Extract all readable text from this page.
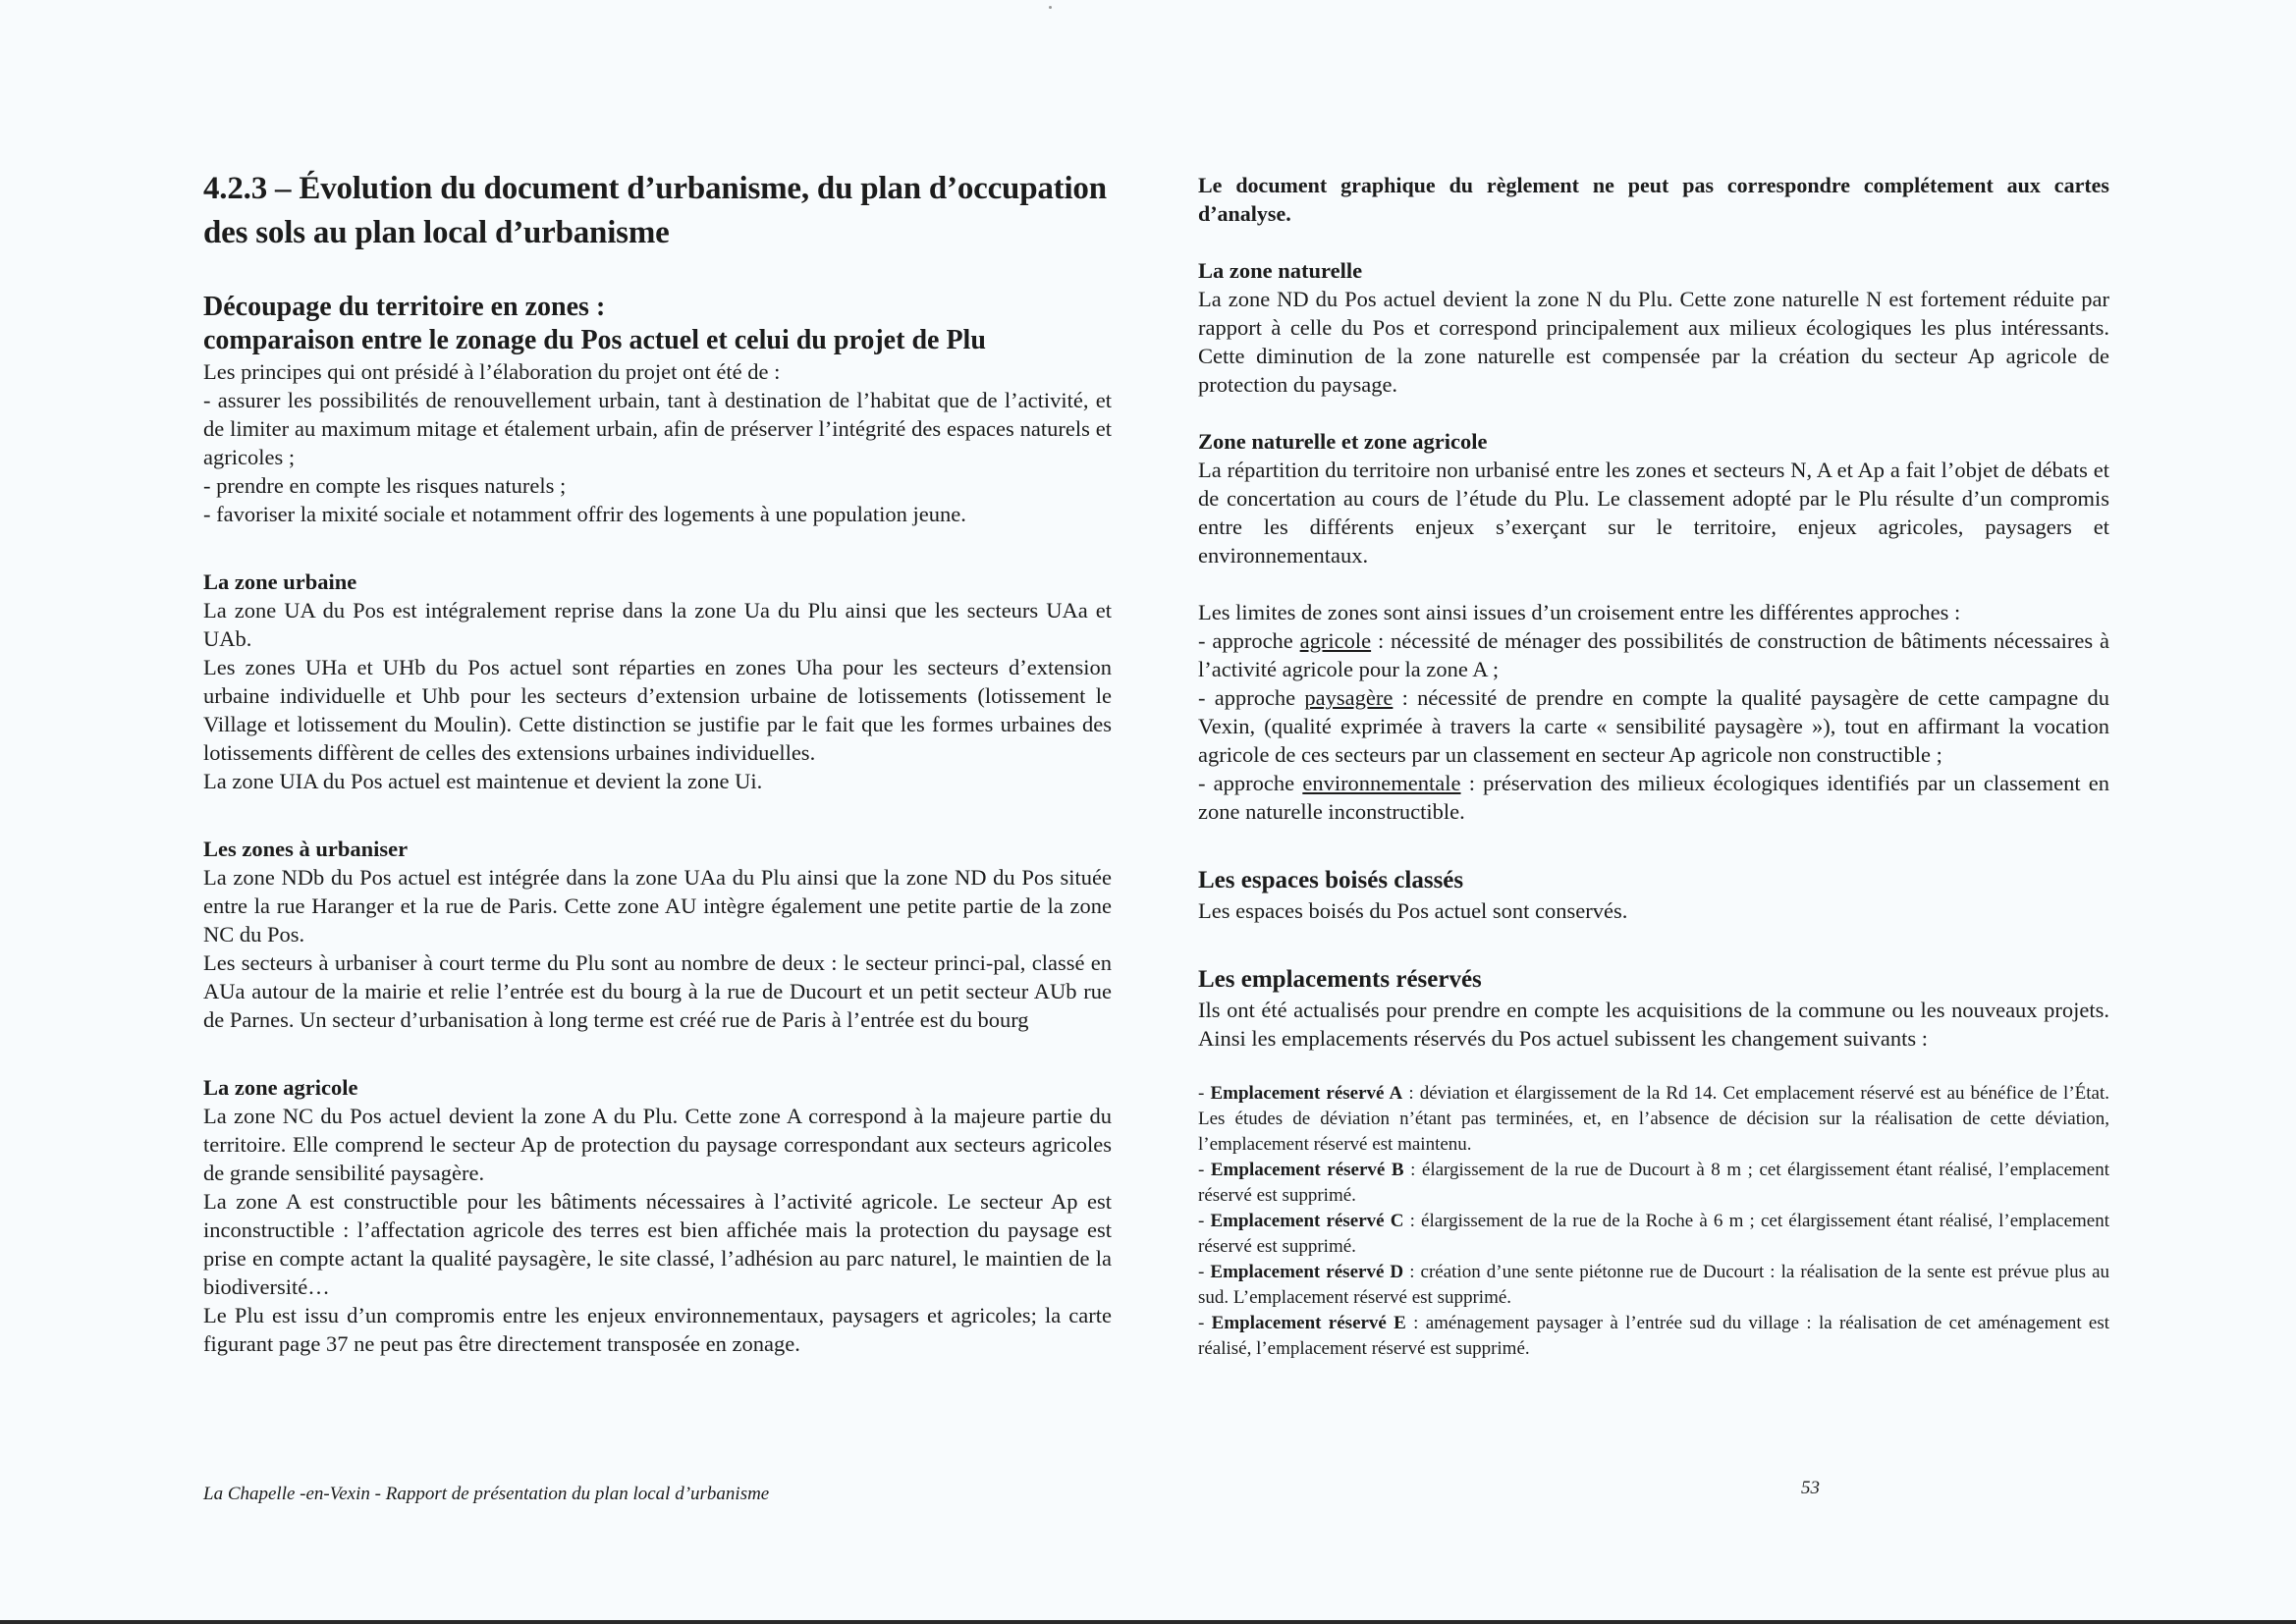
4.2.3 – Évolution du document d’urbanisme, du plan d’occupation des sols au plan local d’urbanisme
Découpage du territoire en zones :
comparaison entre le zonage du Pos actuel et celui du projet de Plu

Les principes qui ont présidé à l’élaboration du projet ont été de :

- assurer les possibilités de renouvellement urbain, tant à destination de l’habitat que de l’activité, et de limiter au maximum mitage et étalement urbain, afin de préserver l’intégrité des espaces naturels et agricoles ;

- prendre en compte les risques naturels ;

- favoriser la mixité sociale et notamment offrir des logements à une population jeune.

La zone urbaine

La zone UA du Pos est intégralement reprise dans la zone Ua du Plu ainsi que les secteurs UAa et UAb.

Les zones UHa et UHb du Pos actuel sont réparties en zones Uha pour les secteurs d’extension urbaine individuelle et Uhb pour les secteurs d’extension urbaine de lotissements (lotissement le Village et lotissement du Moulin). Cette distinction se justifie par le fait que les formes urbaines des lotissements diffèrent de celles des extensions urbaines individuelles.

La zone UIA du Pos actuel est maintenue et devient la zone Ui.

Les zones à urbaniser

La zone NDb du Pos actuel est intégrée dans la zone UAa du Plu ainsi que la zone ND du Pos située entre la rue Haranger et la rue de Paris. Cette zone AU intègre également une petite partie de la zone NC du Pos.

Les secteurs à urbaniser à court terme du Plu sont au nombre de deux : le secteur princi-pal, classé en AUa autour de la mairie et relie l’entrée est du bourg à la rue de Ducourt et un petit secteur AUb rue de Parnes. Un secteur d’urbanisation à long terme est créé rue de Paris à l’entrée est du bourg

La zone agricole

La zone NC du Pos actuel devient la zone A du Plu. Cette zone A correspond à la majeure partie du territoire. Elle comprend le secteur Ap de protection du paysage correspondant aux secteurs agricoles de grande sensibilité paysagère.

La zone A est constructible pour les bâtiments nécessaires à l’activité agricole. Le secteur Ap est inconstructible : l’affectation agricole des terres est bien affichée mais la protection du paysage est prise en compte actant la qualité paysagère, le site classé, l’adhésion au parc naturel, le maintien de la biodiversité…

Le Plu est issu d’un compromis entre les enjeux environnementaux, paysagers et agricoles; la carte figurant page 37 ne peut pas être directement transposée en zonage.

Le document graphique du règlement ne peut pas correspondre complétement aux cartes d’analyse.

La zone naturelle

La zone ND du Pos actuel devient la zone N du Plu. Cette zone naturelle N est fortement réduite par rapport à celle du Pos et correspond principalement aux milieux écologiques les plus intéressants. Cette diminution de la zone naturelle est compensée par la création du secteur Ap agricole de protection du paysage.

Zone naturelle et zone agricole

La répartition du territoire non urbanisé entre les zones et secteurs N, A et Ap a fait l’objet de débats et de concertation au cours de l’étude du Plu. Le classement adopté par le Plu résulte d’un compromis entre les différents enjeux s’exerçant sur le territoire, enjeux agricoles, paysagers et environnementaux.

Les limites de zones sont ainsi issues d’un croisement entre les différentes approches :

- approche agricole : nécessité de ménager des possibilités de construction de bâtiments nécessaires à l’activité agricole pour la zone A ;

- approche paysagère : nécessité de prendre en compte la qualité paysagère de cette campagne du Vexin, (qualité exprimée à travers la carte « sensibilité paysagère »), tout en affirmant la vocation agricole de ces secteurs par un classement en secteur Ap agricole non constructible ;

- approche environnementale : préservation des milieux écologiques identifiés par un classement en zone naturelle inconstructible.

Les espaces boisés classés

Les espaces boisés du Pos actuel sont conservés.

Les emplacements réservés

Ils ont été actualisés pour prendre en compte les acquisitions de la commune ou les nouveaux projets. Ainsi les emplacements réservés du Pos actuel subissent les changement suivants :

- Emplacement réservé A : déviation et élargissement de la Rd 14. Cet emplacement réservé est au bénéfice de l’État. Les études de déviation n’étant pas terminées, et, en l’absence de décision sur la réalisation de cette déviation, l’emplacement réservé est maintenu.

- Emplacement réservé B : élargissement de la rue de Ducourt à 8 m ; cet élargissement étant réalisé, l’emplacement réservé est supprimé.

- Emplacement réservé C : élargissement de la rue de la Roche à 6 m ; cet élargissement étant réalisé, l’emplacement réservé est supprimé.

- Emplacement réservé D : création d’une sente piétonne rue de Ducourt : la réalisation de la sente est prévue plus au sud. L’emplacement réservé est supprimé.

- Emplacement réservé E : aménagement paysager à l’entrée sud du village : la réalisation de cet aménagement est réalisé, l’emplacement réservé est supprimé.

La Chapelle -en-Vexin - Rapport de présentation du plan local d’urbanisme	53
